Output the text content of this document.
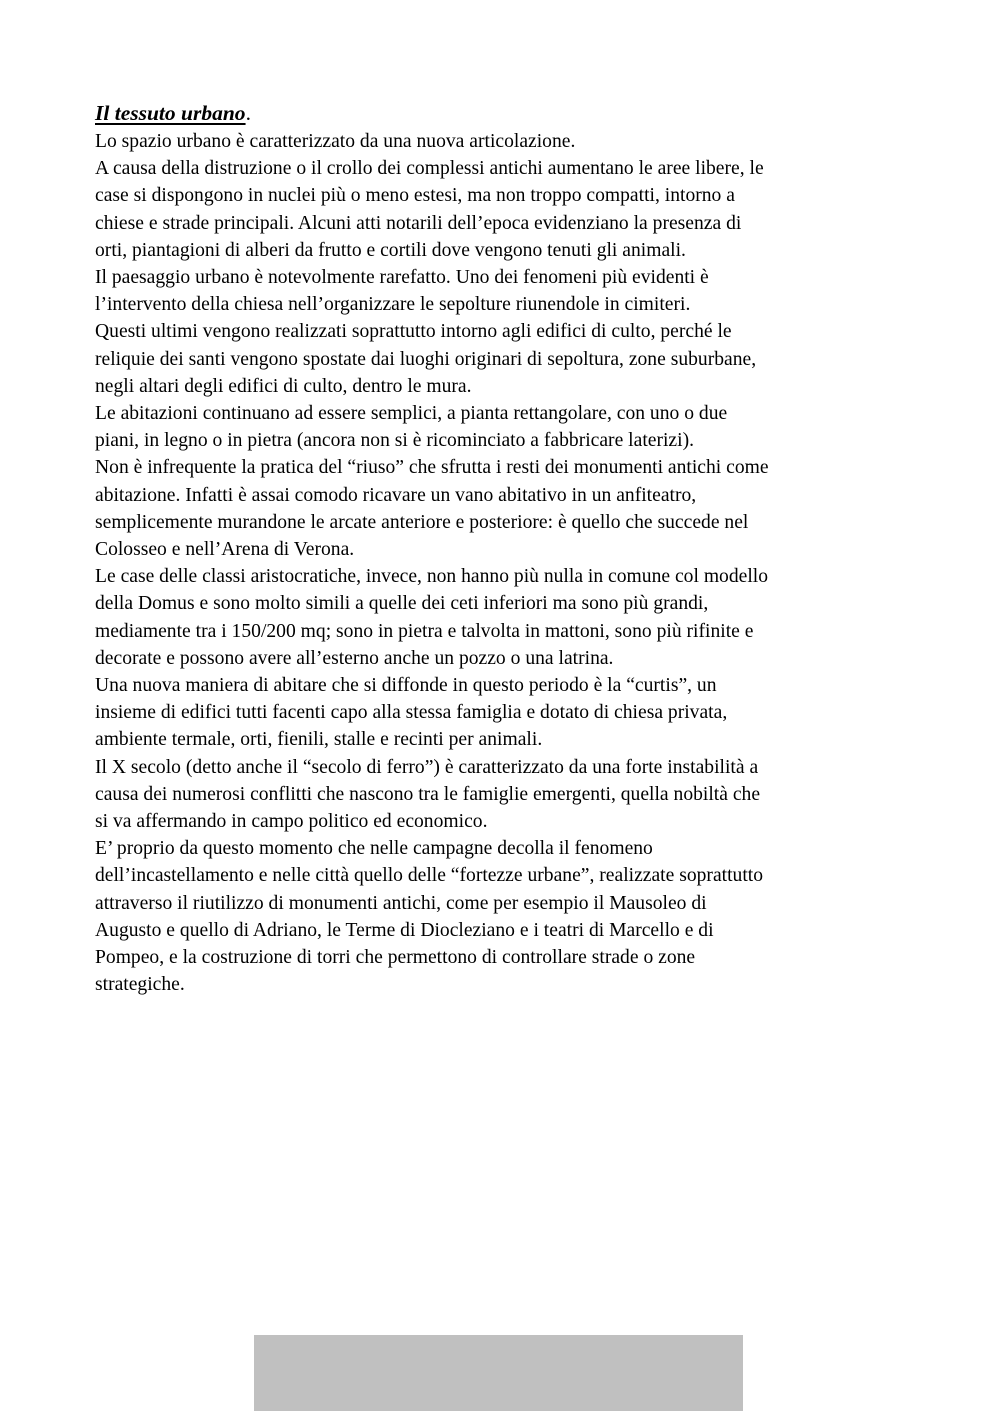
Il tessuto urbano.

Lo spazio urbano è caratterizzato da una nuova articolazione.

A causa della distruzione o il crollo dei complessi antichi aumentano le aree libere, le

case si dispongono in nuclei più o meno estesi, ma non troppo compatti, intorno a

chiese e strade principali. Alcuni atti notarili dell’epoca evidenziano la presenza di

orti, piantagioni di alberi da frutto e cortili dove vengono tenuti gli animali.

Il paesaggio urbano è notevolmente rarefatto. Uno dei fenomeni più evidenti è

l’intervento della chiesa nell’organizzare le sepolture riunendole in cimiteri.

Questi ultimi vengono realizzati soprattutto intorno agli edifici di culto, perché le

reliquie dei santi vengono spostate dai luoghi originari di sepoltura, zone suburbane,

negli altari degli edifici di culto, dentro le mura.

Le abitazioni continuano ad essere semplici, a pianta rettangolare, con uno o due

piani, in legno o in pietra (ancora non si è ricominciato a fabbricare laterizi).

Non è infrequente la pratica del “riuso” che sfrutta i resti dei monumenti antichi come

abitazione. Infatti è assai comodo ricavare un vano abitativo in un anfiteatro,

semplicemente murandone le arcate anteriore e posteriore: è quello che succede nel

Colosseo e nell’Arena di Verona.

Le case delle classi aristocratiche, invece, non hanno più nulla in comune col modello

della Domus e sono molto simili a quelle dei ceti inferiori ma sono più grandi,

mediamente tra i 150/200 mq; sono in pietra e talvolta in mattoni, sono più rifinite e

decorate e possono avere all’esterno anche un pozzo o una latrina.

Una nuova maniera di abitare che si diffonde in questo periodo è la “curtis”, un

insieme di edifici tutti facenti capo alla stessa famiglia e dotato di chiesa privata,

ambiente termale, orti, fienili, stalle e recinti per animali.

Il X secolo (detto anche il “secolo di ferro”) è caratterizzato da una forte instabilità a

causa dei numerosi conflitti che nascono tra le famiglie emergenti, quella nobiltà che

si va affermando in campo politico ed economico.

E’ proprio da questo momento che nelle campagne decolla il fenomeno

dell’incastellamento e nelle città quello delle “fortezze urbane”, realizzate soprattutto

attraverso il riutilizzo di monumenti antichi, come per esempio il Mausoleo di

Augusto e quello di Adriano, le Terme di Diocleziano e i teatri di Marcello e di

Pompeo, e la costruzione di torri che permettono di controllare strade o zone

strategiche.
